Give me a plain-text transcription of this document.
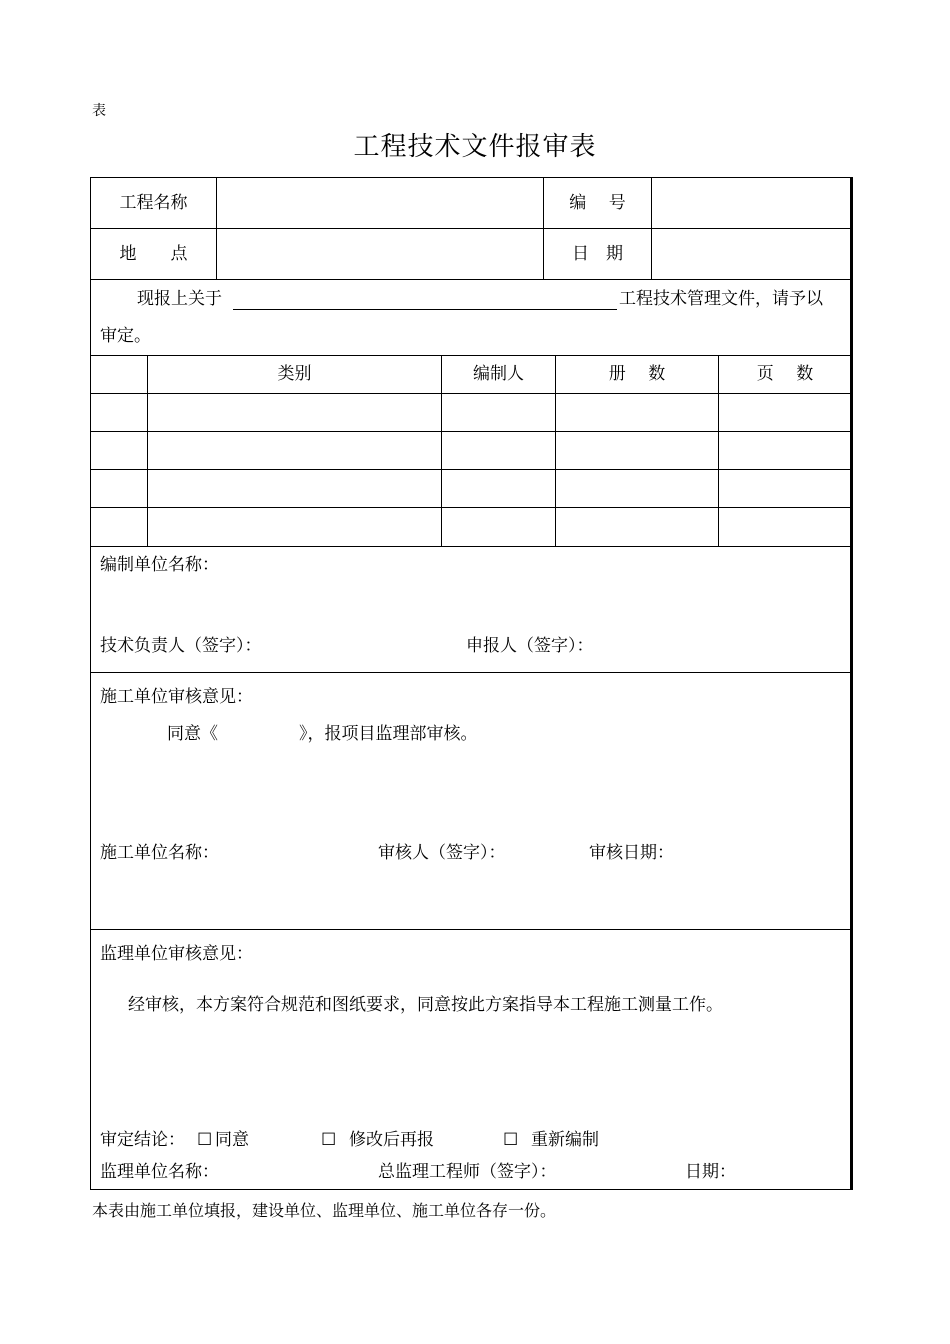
表
工程技术文件报审表
工程名称	编　 号
地　　点	日　期
现报上关于	工程技术管理文件，请予以
审定。
类别	编制人	册　 数	页　 数
编制单位名称：
技术负责人（签字）：	申报人（签字）：
施工单位审核意见：
同意《	》，报项目监理部审核。
施工单位名称：	审核人（签字）：	审核日期：
监理单位审核意见：
经审核，本方案符合规范和图纸要求，同意按此方案指导本工程施工测量工作。
审定结论： ☐ 同意	☐ 修改后再报	☐ 重新编制
监理单位名称：	总监理工程师（签字）：	日期：
本表由施工单位填报，建设单位、监理单位、施工单位各存一份。
